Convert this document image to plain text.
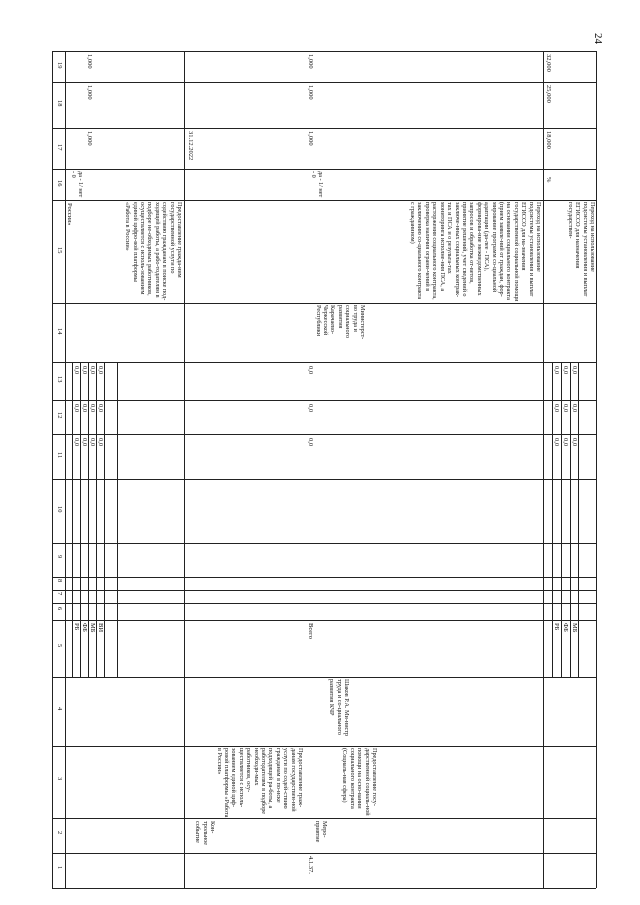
24
1
2
3
4
5
6
7
8
9
10
11
12
13
14
15
16
17
18
19
РБ
0,0
0,0
0,0
ФБ
0,0
0,0
0,0
МБ
0,0
0,0
0,0
ВИ
0,0
0,0
0,0
Россия»	Предоставление граждa-ним государственной услуги по содействию гражданам в поиске под-ходящей работы, а рабо-тодателям в подборе не-обходимых работников, осуществляется с исполь-зованием единой цифро-вой платформы «Работа в России»
да - 1/ нет - 0
1,000
1,000
1,000
Кон-трольное событие
Предоставление граж-данам государствен-ной услуги по содей-ствию гражданам в по-иске подходящей ра-боты, а работодателям в подборе необходи-мых работников, осу-ществляется с исполь-зованием единой циф-ровой платформы «Работа в России»
31.12.2022
4.1.37.
Меро-приятие
Предоставление госу-дарственной социаль-ной помощи на осно-вании социального контракта (Социаль-ная сфера)
Шаков Р.А. Ми-нистр труда и со-циального развития КЧР
Всего
0,0
0,0
0,0
Министерст-во труда и социального развития Карачаево-Черкесской Республики
Переход на использование подсистемы установления и выплат ЕГИССО для на-значения государственной социальной помощи на основании социального контракта (прием заявле-ний от граждан, фор-мирование программ со-циальной адаптации (да-лее - ПСА), формирова-ние межведомственных запросов и обработка от-ветов, принятие решений, учет сведений о заключе-нных социальных контрак-тах и ПСА и о результа-тах мониторинга исполне-ния ПСА, а расторжения социального контракта, проверка наличия ограни-чений в заключению со-циального контракта с гражданином)
да - 1/ нет - 0
1,000
1,000
1,000
РБ
0,0
0,0
0,0
ФБ
0,0
0,0
0,0
МБ
0,0
0,0
0,0
Переход на использование подсистемы установления и выплат ЕГИССО для назначения государствен-
%
18,000
25,000
32,000
